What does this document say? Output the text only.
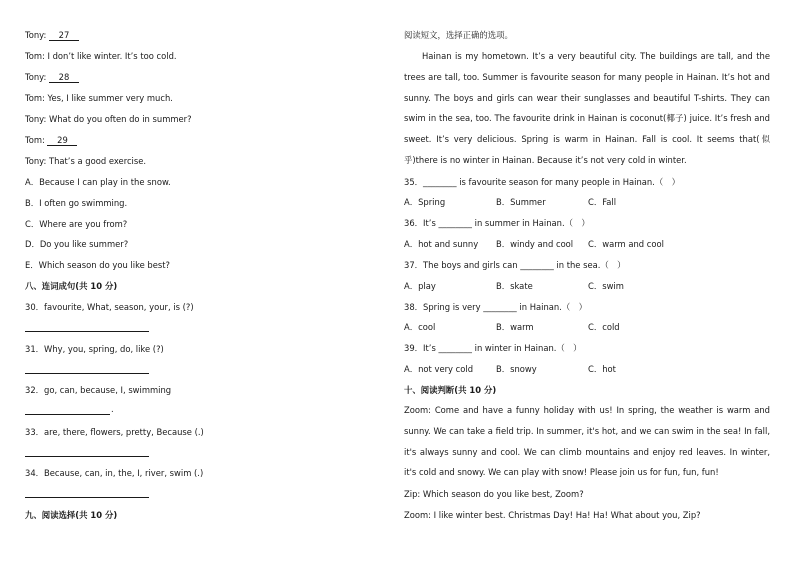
Tony: 27
Tom: I don’t like winter. It’s too cold.
Tony: 28
Tom: Yes, I like summer very much.
Tony: What do you often do in summer?
Tom: 29
Tony: That’s a good exercise.
A．Because I can play in the snow.
B．I often go swimming.
C．Where are you from?
D．Do you like summer?
E．Which season do you like best?
八、连词成句(共 10 分)
30．favourite, What, season, your, is (?)
31．Why, you, spring, do, like (?)
32．go, can, because, I, swimming
.
33．are, there, flowers, pretty, Because (.)
34．Because, can, in, the, I, river, swim (.)
九、阅读选择(共 10 分)
阅读短文，选择正确的选项。
Hainan is my hometown. It’s a very beautiful city. The buildings are tall, and the trees are tall, too. Summer is favourite season for many people in Hainan. It’s hot and sunny. The boys and girls can wear their sunglasses and beautiful T-shirts. They can swim in the sea, too. The favourite drink in Hainan is coconut(椰子) juice. It’s fresh and sweet. It’s very delicious. Spring is warm in Hainan. Fall is cool. It seems that(似乎)there is no winter in Hainan. Because it’s not very cold in winter.
35．________ is favourite season for many people in Hainan.（　）
A．Spring	B．Summer	C．Fall
36．It’s ________ in summer in Hainan.（　）
A．hot and sunny B．windy and cool C．warm and cool
37．The boys and girls can ________ in the sea.（　）
A．play	B．skate	C．swim
38．Spring is very ________ in Hainan.（　）
A．cool	B．warm	C．cold
39．It’s ________ in winter in Hainan.（　）
A．not very cold	B．snowy	C．hot
十、阅读判断(共 10 分)
Zoom: Come and have a funny holiday with us! In spring, the weather is warm and sunny. We can take a field trip. In summer, it's hot, and we can swim in the sea! In fall, it's always sunny and cool. We can climb mountains and enjoy red leaves. In winter, it's cold and snowy. We can play with snow! Please join us for fun, fun, fun!
Zip: Which season do you like best, Zoom?
Zoom: I like winter best. Christmas Day! Ha! Ha! What about you, Zip?
